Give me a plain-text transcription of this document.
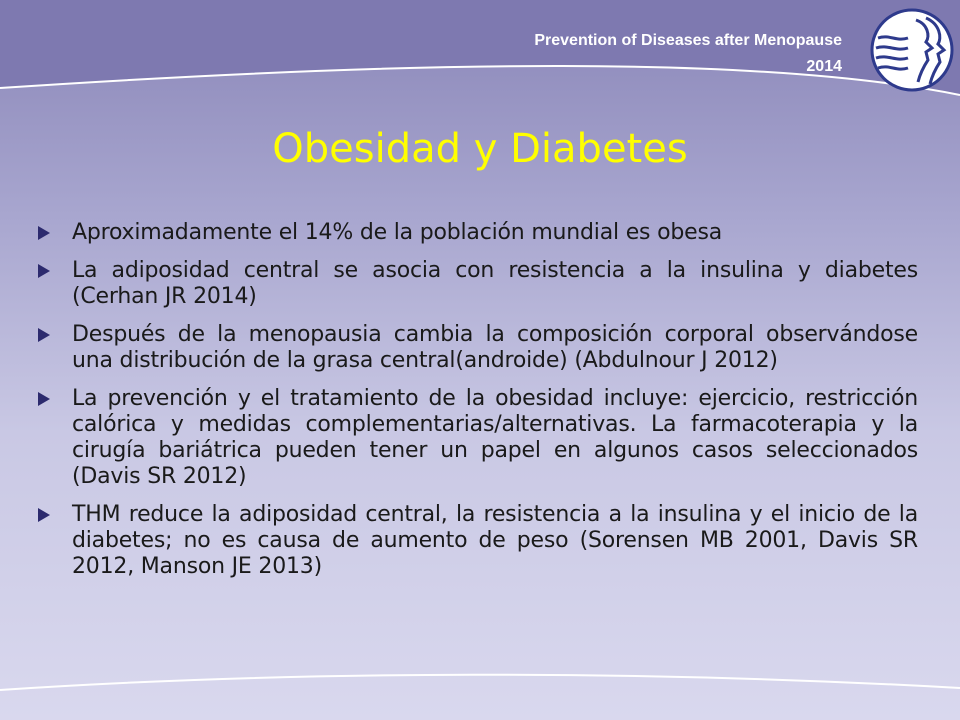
Prevention of Diseases after Menopause
2014
Obesidad y Diabetes
Aproximadamente el 14% de la población mundial es obesa
La adiposidad central se asocia con resistencia a la insulina y diabetes (Cerhan JR 2014)
Después de la menopausia cambia la composición corporal observándose una distribución de la grasa central(androide) (Abdulnour J 2012)
La prevención y el tratamiento de la obesidad incluye: ejercicio, restricción calórica y medidas complementarias/alternativas. La farmacoterapia y la cirugía bariátrica pueden tener un papel en algunos casos seleccionados (Davis SR 2012)
THM reduce la adiposidad central, la resistencia a la insulina y el inicio de la diabetes; no es causa de aumento de peso (Sorensen MB 2001, Davis SR 2012, Manson JE 2013)
